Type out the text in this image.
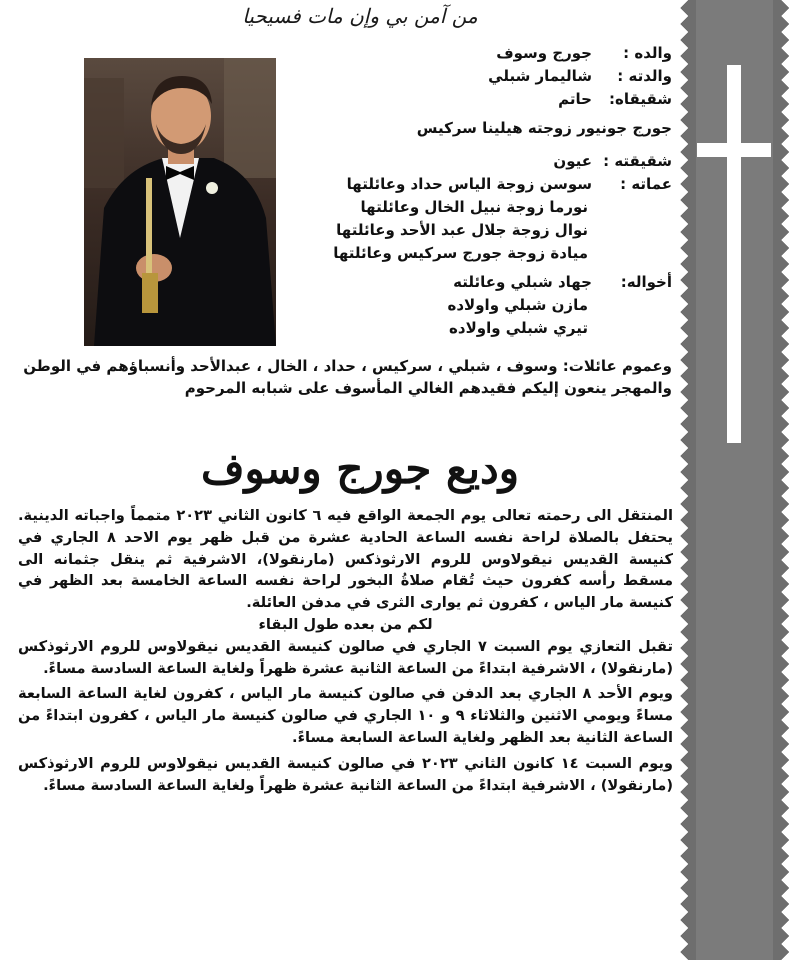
من آمن بي وإن مات فسيحيا
والده :
جورج وسوف
والدته :
شاليمار شبلي
شقيقاه:
حاتم
جورج جونيور زوجته هيلينا سركيس
شقيقته :
عيون
عماته :
سوسن زوجة الياس حداد وعائلتها
نورما زوجة نبيل الخال وعائلتها
نوال زوجة جلال عبد الأحد وعائلتها
ميادة زوجة جورج سركيس وعائلتها
أخواله:
جهاد شبلي وعائلته
مازن شبلي واولاده
تيري شبلي واولاده
وعموم عائلات: وسوف ، شبلي ، سركيس ، حداد ، الخال ، عبدالأحد وأنسباؤهم في الوطن والمهجر ينعون إليكم فقيدهم الغالي المأسوف على شبابه المرحوم
وديع جورج وسوف

المنتقل الى رحمته تعالى يوم الجمعة الواقع فيه ٦ كانون الثاني ٢٠٢٣ متمماً واجباته الدينية. يحتفل بالصلاة لراحة نفسه الساعة الحادية عشرة من قبل ظهر يوم الاحد ٨ الجاري في كنيسة القديس نيقولاوس للروم الارثوذكس (مارنقولا)، الاشرفية ثم ينقل جثمانه الى مسقط رأسه كفرون حيث تُقام صلاةُ البخور لراحة نفسه الساعة الخامسة بعد الظهر في كنيسة مار الياس ، كفرون ثم يوارى الثرى في مدفن العائلة.

لكم من بعده طول البقاء

تقبل التعازي يوم السبت ٧ الجاري في صالون كنيسة القديس نيقولاوس للروم الارثوذكس (مارنقولا) ، الاشرفية ابتداءً من الساعة الثانية عشرة ظهراً ولغاية الساعة السادسة مساءً.

ويوم الأحد ٨ الجاري بعد الدفن في صالون كنيسة مار الياس ، كفرون لغاية الساعة السابعة مساءً ويومي الاثنين والثلاثاء ٩ و ١٠ الجاري في صالون كنيسة مار الياس ، كفرون ابتداءً من الساعة الثانية بعد الظهر ولغاية الساعة السابعة مساءً.

ويوم السبت ١٤ كانون الثاني ٢٠٢٣ في صالون كنيسة القديس نيقولاوس للروم الارثوذكس (مارنقولا) ، الاشرفية ابتداءً من الساعة الثانية عشرة ظهراً ولغاية الساعة السادسة مساءً.
